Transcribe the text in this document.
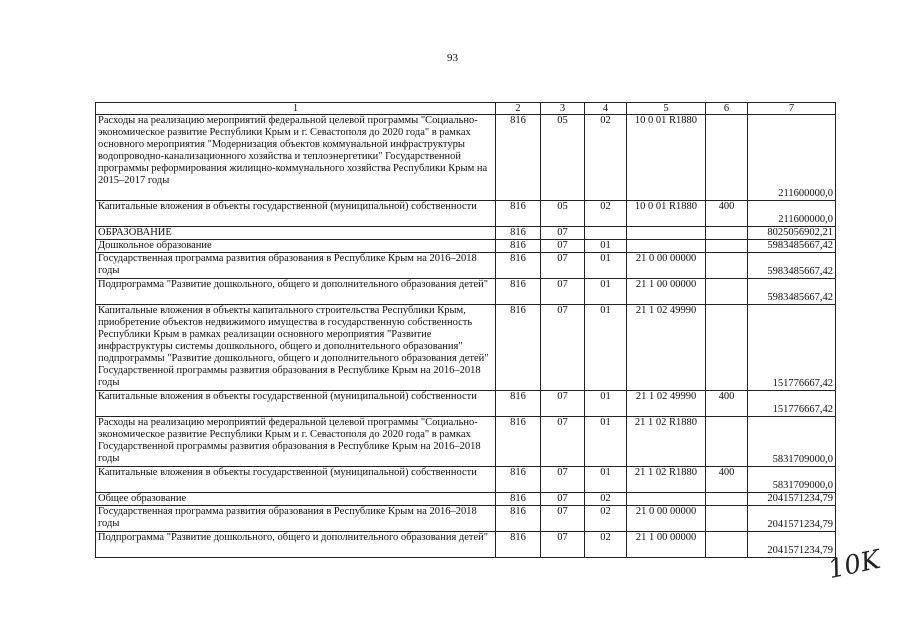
93
1	2	3	4	5	6	7
Расходы на реализацию мероприятий федеральной целевой программы "Социально-экономическое развитие Республики Крым и г. Севастополя до 2020 года" в рамках основного мероприятия "Модернизация объектов коммунальной инфраструктуры водопроводно-канализационного хозяйства и теплоэнергетики" Государственной программы реформирования жилищно-коммунального хозяйства Республики Крым на 2015–2017 годы	816	05	02	10 0 01 R1880		211600000,0
Капитальные вложения в объекты государственной (муниципальной) собственности	816	05	02	10 0 01 R1880	400	211600000,0
ОБРАЗОВАНИЕ	816	07				8025056902,21
Дошкольное образование	816	07	01			5983485667,42
Государственная программа развития образования в Республике Крым на 2016–2018 годы	816	07	01	21 0 00 00000		5983485667,42
Подпрограмма "Развитие дошкольного, общего и дополнительного образования детей"	816	07	01	21 1 00 00000		5983485667,42
Капитальные вложения в объекты капитального строительства Республики Крым, приобретение объектов недвижимого имущества в государственную собственность Республики Крым в рамках реализации основного мероприятия "Развитие инфраструктуры системы дошкольного, общего и дополнительного образования" подпрограммы "Развитие дошкольного, общего и дополнительного образования детей" Государственной программы развития образования в Республике Крым на 2016–2018 годы	816	07	01	21 1 02 49990		151776667,42
Капитальные вложения в объекты государственной (муниципальной) собственности	816	07	01	21 1 02 49990	400	151776667,42
Расходы на реализацию мероприятий федеральной целевой программы "Социально-экономическое развитие Республики Крым и г. Севастополя до 2020 года" в рамках Государственной программы развития образования в Республике Крым на 2016–2018 годы	816	07	01	21 1 02 R1880		5831709000,0
Капитальные вложения в объекты государственной (муниципальной) собственности	816	07	01	21 1 02 R1880	400	5831709000,0
Общее образование	816	07	02			2041571234,79
Государственная программа развития образования в Республике Крым на 2016–2018 годы	816	07	02	21 0 00 00000		2041571234,79
Подпрограмма "Развитие дошкольного, общего и дополнительного образования детей"	816	07	02	21 1 00 00000		2041571234,79
10K
